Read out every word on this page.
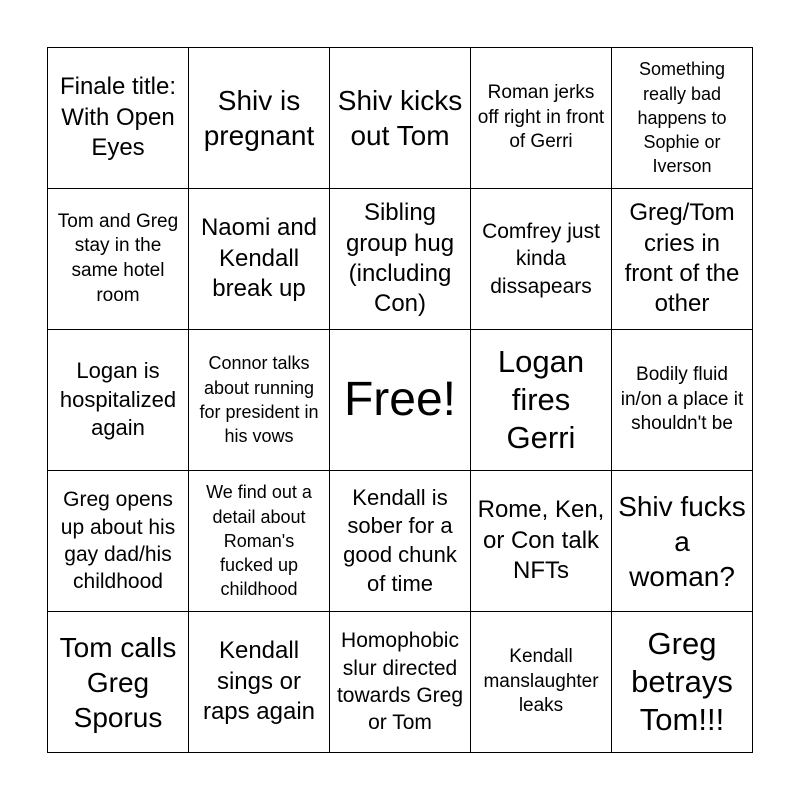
Finale title: With Open Eyes
Shiv is pregnant
Shiv kicks out Tom
Roman jerks off right in front of Gerri
Something really bad happens to Sophie or Iverson
Tom and Greg stay in the same hotel room
Naomi and Kendall break up
Sibling group hug (including Con)
Comfrey just kinda dissapears
Greg/Tom cries in front of the other
Logan is hospitalized again
Connor talks about running for president in his vows
Free!
Logan fires Gerri
Bodily fluid in/on a place it shouldn't be
Greg opens up about his gay dad/his childhood
We find out a detail about Roman's fucked up childhood
Kendall is sober for a good chunk of time
Rome, Ken, or Con talk NFTs
Shiv fucks a woman?
Tom calls Greg Sporus
Kendall sings or raps again
Homophobic slur directed towards Greg or Tom
Kendall manslaughter leaks
Greg betrays Tom!!!
